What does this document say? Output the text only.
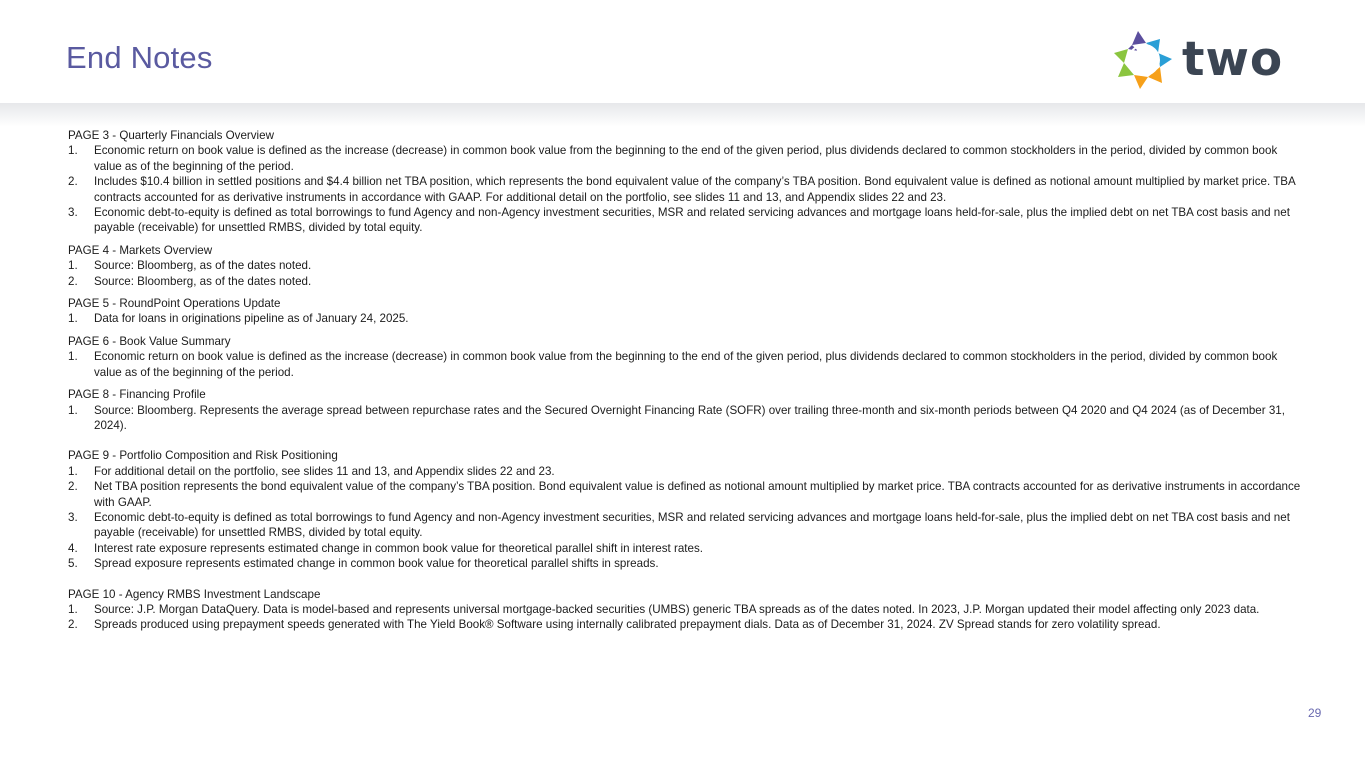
End Notes	two
PAGE 3 - Quarterly Financials Overview
1.	Economic return on book value is defined as the increase (decrease) in common book value from the beginning to the end of the given period, plus dividends declared to common stockholders in the period, divided by common book value as of the beginning of the period.
2.	Includes $10.4 billion in settled positions and $4.4 billion net TBA position, which represents the bond equivalent value of the company’s TBA position. Bond equivalent value is defined as notional amount multiplied by market price. TBA contracts accounted for as derivative instruments in accordance with GAAP. For additional detail on the portfolio, see slides 11 and 13, and Appendix slides 22 and 23.
3.	Economic debt-to-equity is defined as total borrowings to fund Agency and non-Agency investment securities, MSR and related servicing advances and mortgage loans held-for-sale, plus the implied debt on net TBA cost basis and net payable (receivable) for unsettled RMBS, divided by total equity.
PAGE 4 - Markets Overview
1.	Source: Bloomberg, as of the dates noted.
2.	Source: Bloomberg, as of the dates noted.
PAGE 5 - RoundPoint Operations Update
1.	Data for loans in originations pipeline as of January 24, 2025.
PAGE 6 - Book Value Summary
1.	Economic return on book value is defined as the increase (decrease) in common book value from the beginning to the end of the given period, plus dividends declared to common stockholders in the period, divided by common book value as of the beginning of the period.
PAGE 8 - Financing Profile
1.	Source: Bloomberg. Represents the average spread between repurchase rates and the Secured Overnight Financing Rate (SOFR) over trailing three-month and six-month periods between Q4 2020 and Q4 2024 (as of December 31, 2024).
PAGE 9 - Portfolio Composition and Risk Positioning
1.	For additional detail on the portfolio, see slides 11 and 13, and Appendix slides 22 and 23.
2.	Net TBA position represents the bond equivalent value of the company’s TBA position. Bond equivalent value is defined as notional amount multiplied by market price. TBA contracts accounted for as derivative instruments in accordance with GAAP.
3.	Economic debt-to-equity is defined as total borrowings to fund Agency and non-Agency investment securities, MSR and related servicing advances and mortgage loans held-for-sale, plus the implied debt on net TBA cost basis and net payable (receivable) for unsettled RMBS, divided by total equity.
4.	Interest rate exposure represents estimated change in common book value for theoretical parallel shift in interest rates.
5.	Spread exposure represents estimated change in common book value for theoretical parallel shifts in spreads.
PAGE 10 - Agency RMBS Investment Landscape
1.	Source: J.P. Morgan DataQuery. Data is model-based and represents universal mortgage-backed securities (UMBS) generic TBA spreads as of the dates noted. In 2023, J.P. Morgan updated their model affecting only 2023 data.
2.	Spreads produced using prepayment speeds generated with The Yield Book® Software using internally calibrated prepayment dials. Data as of December 31, 2024. ZV Spread stands for zero volatility spread.
29
